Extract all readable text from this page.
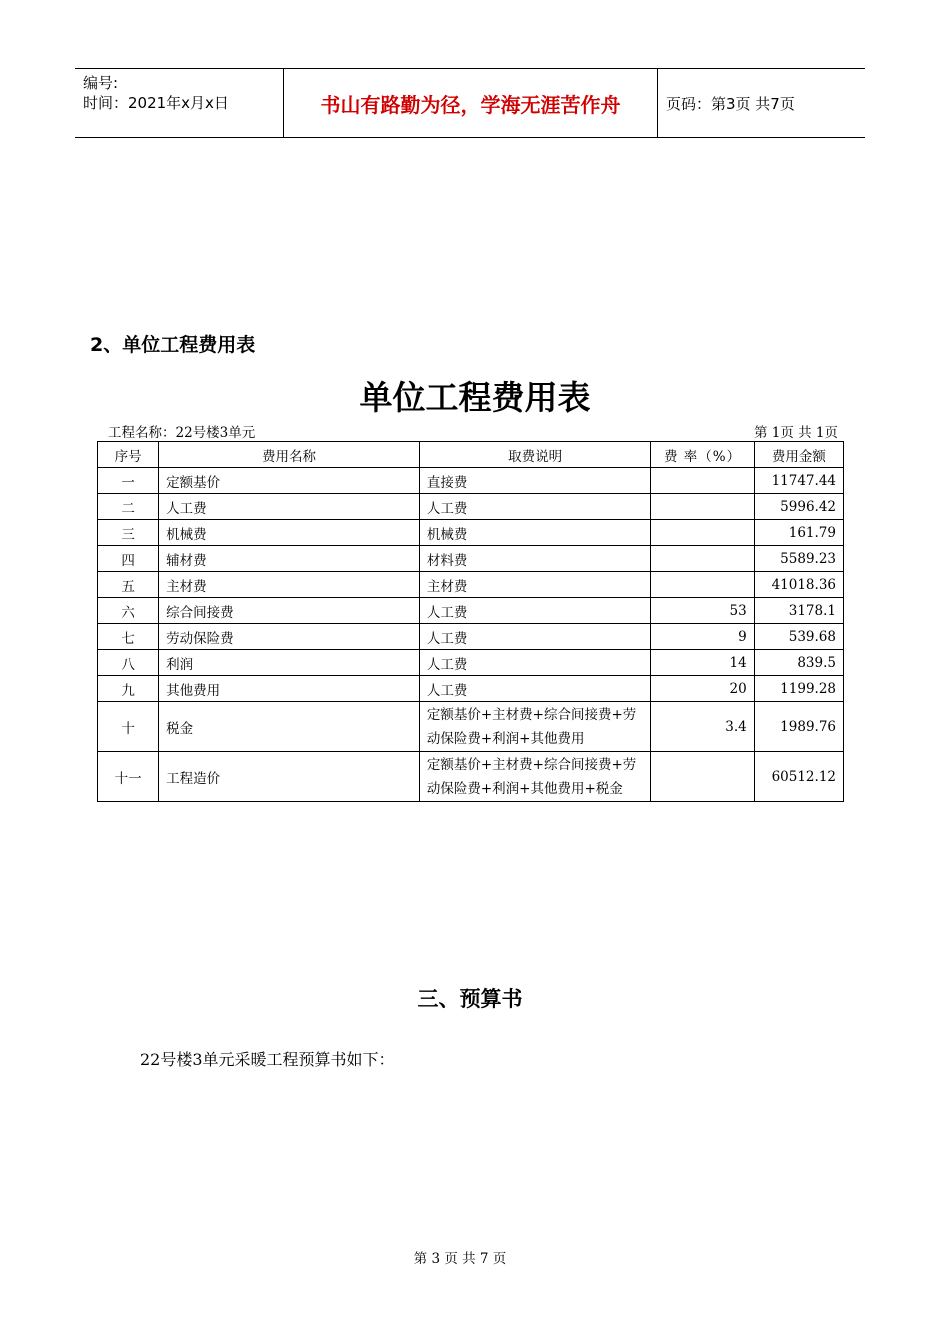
编号:
时间：2021年x月x日	书山有路勤为径，学海无涯苦作舟	页码：第3页 共7页
2、单位工程费用表
单位工程费用表
工程名称：22号楼3单元	第 1页 共 1页
序号	费用名称	取费说明	费 率（%）	费用金额
一	定额基价	直接费		11747.44
二	人工费	人工费		5996.42
三	机械费	机械费		161.79
四	辅材费	材料费		5589.23
五	主材费	主材费		41018.36
六	综合间接费	人工费	53	3178.1
七	劳动保险费	人工费	9	539.68
八	利润	人工费	14	839.5
九	其他费用	人工费	20	1199.28
十	税金	定额基价+主材费+综合间接费+劳动保险费+利润+其他费用	3.4	1989.76
十一	工程造价	定额基价+主材费+综合间接费+劳动保险费+利润+其他费用+税金		60512.12
三、预算书
22号楼3单元采暖工程预算书如下：
第 3 页 共 7 页
